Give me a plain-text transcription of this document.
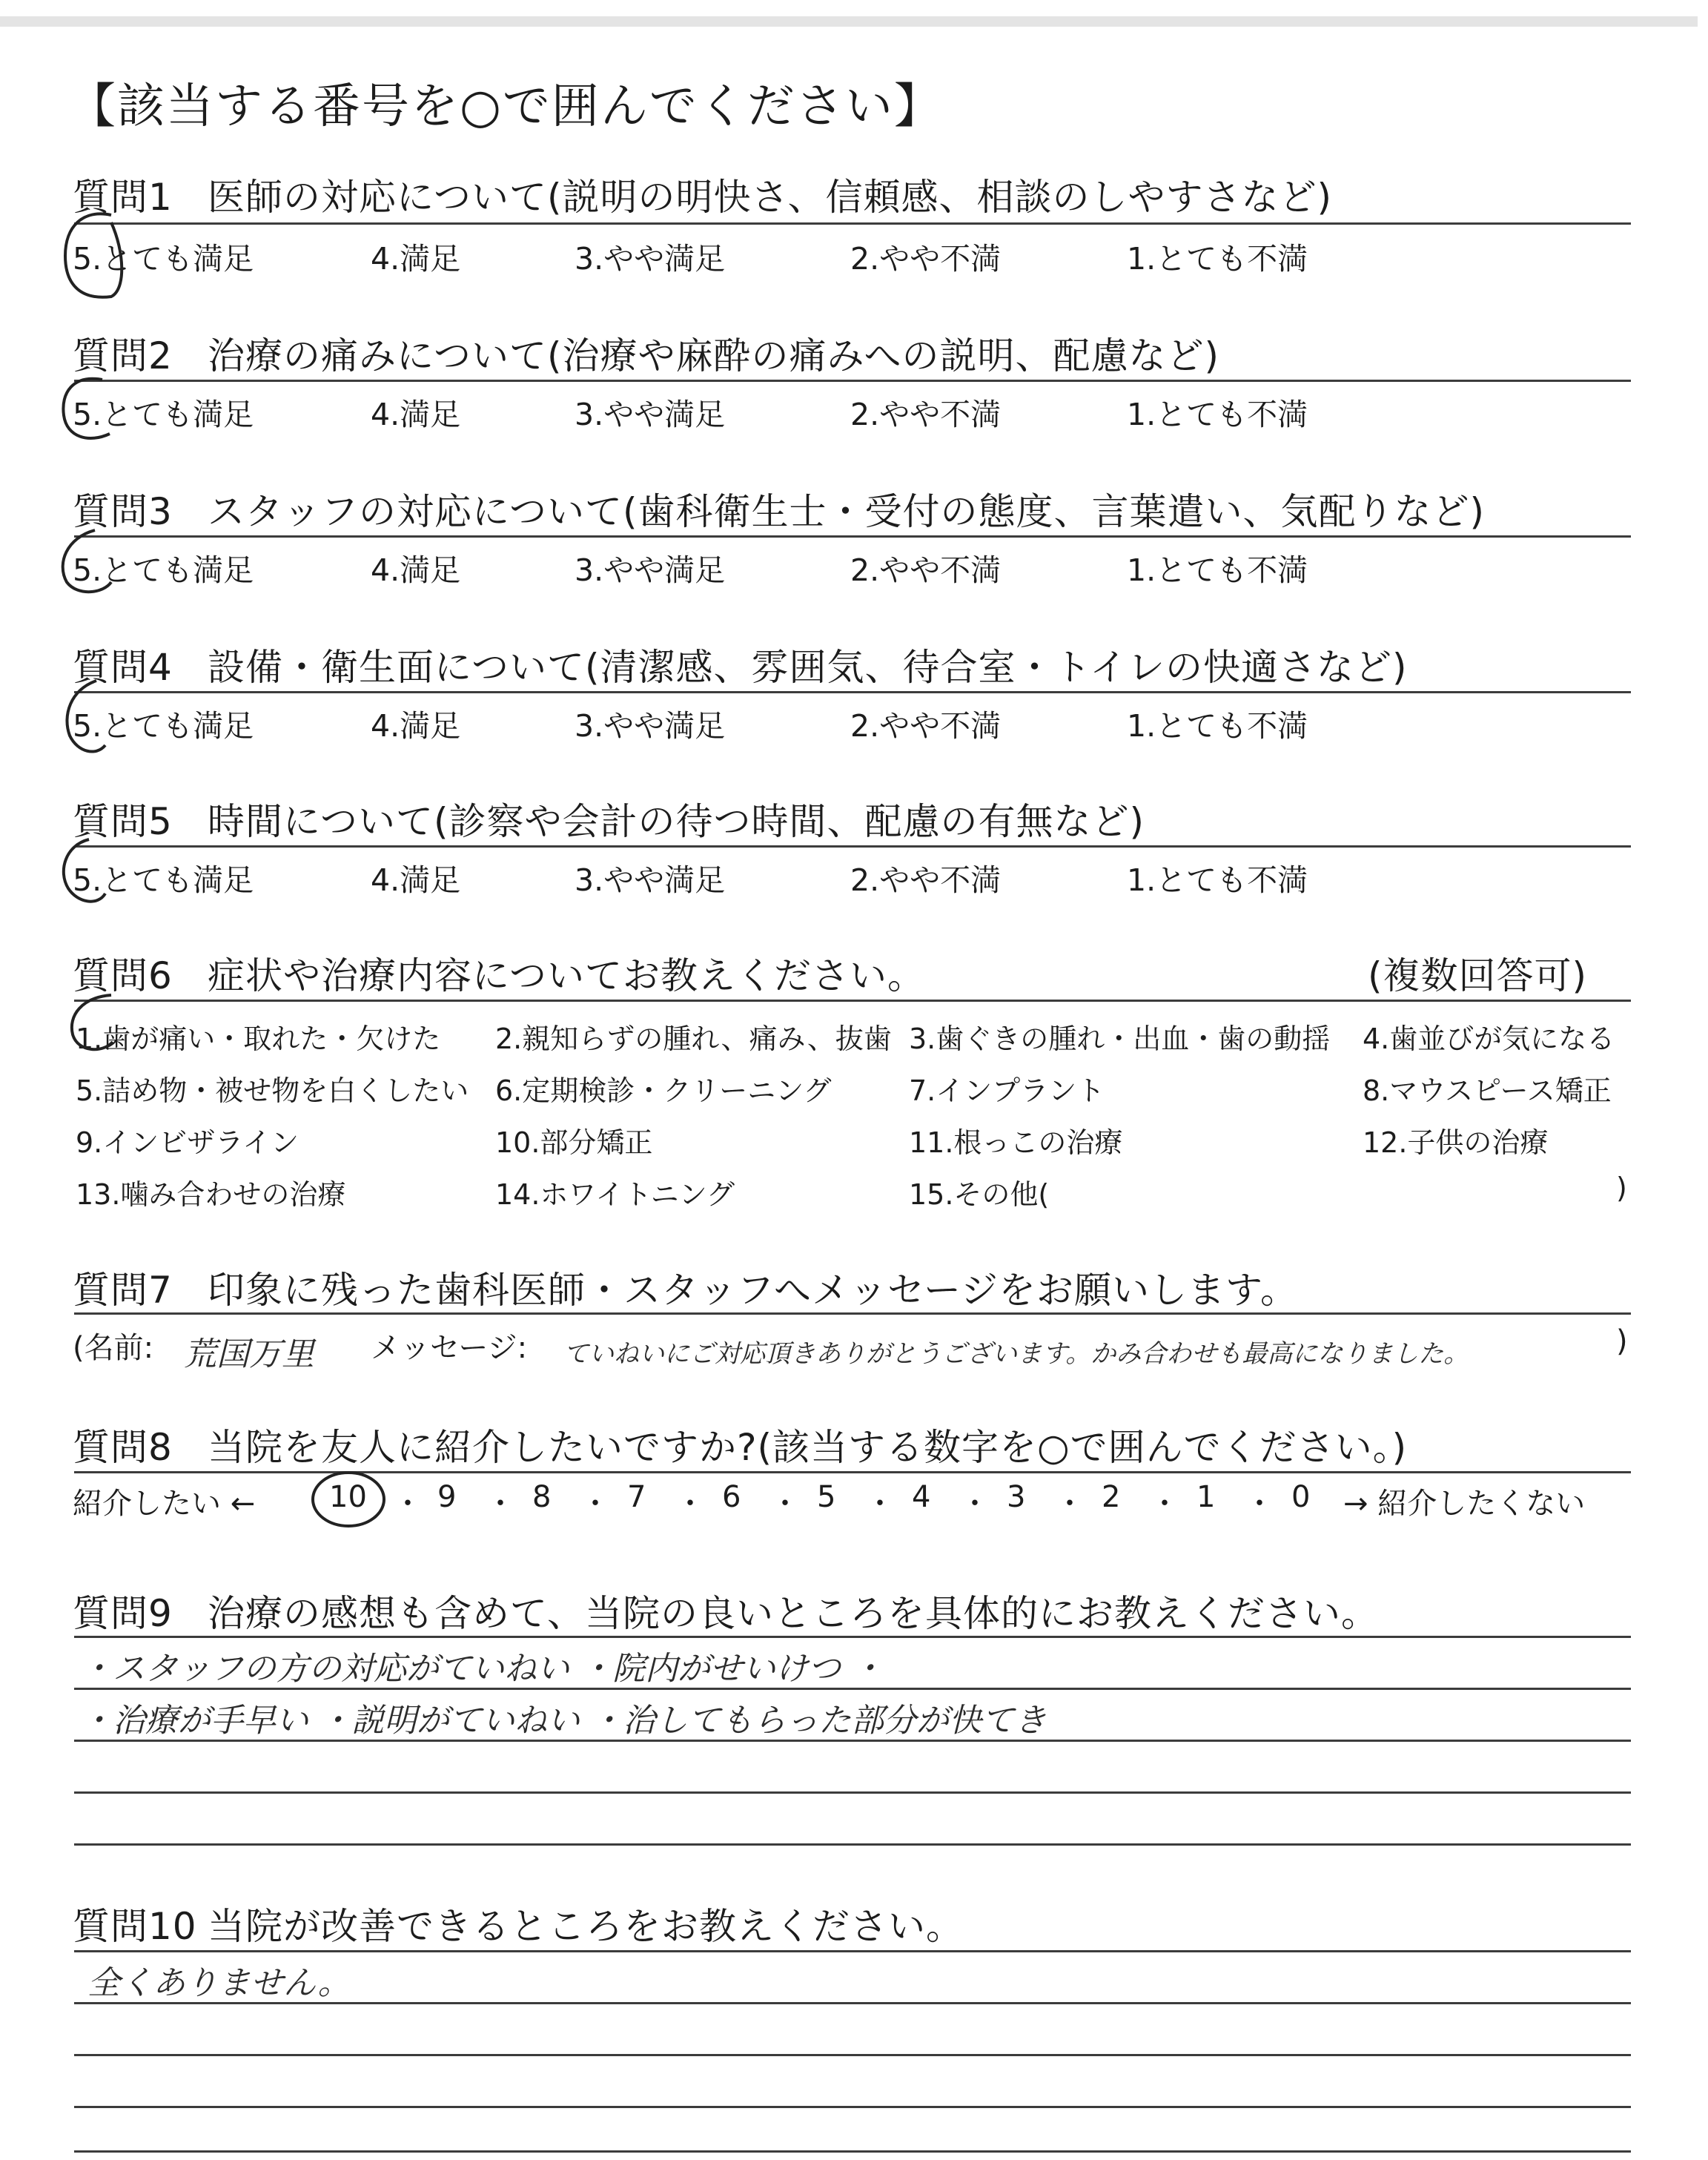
【該当する番号を○で囲んでください】
質問1 医師の対応について(説明の明快さ、信頼感、相談のしやすさなど)
5.とても満足	4.満足	3.やや満足	2.やや不満	1.とても不満
質問2 治療の痛みについて(治療や麻酔の痛みへの説明、配慮など)
5.とても満足	4.満足	3.やや満足	2.やや不満	1.とても不満
質問3 スタッフの対応について(歯科衛生士・受付の態度、言葉遣い、気配りなど)
5.とても満足	4.満足	3.やや満足	2.やや不満	1.とても不満
質問4 設備・衛生面について(清潔感、雰囲気、待合室・トイレの快適さなど)
5.とても満足	4.満足	3.やや満足	2.やや不満	1.とても不満
質問5 時間について(診察や会計の待つ時間、配慮の有無など)
5.とても満足	4.満足	3.やや満足	2.やや不満	1.とても不満
質問6 症状や治療内容についてお教えください。	(複数回答可)
1.歯が痛い・取れた・欠けた 2.親知らずの腫れ、痛み、抜歯 3.歯ぐきの腫れ・出血・歯の動揺 4.歯並びが気になる
5.詰め物・被せ物を白くしたい 6.定期検診・クリーニング	7.インプラント	8.マウスピース矯正
9.インビザライン	10.部分矯正	11.根っこの治療	12.子供の治療
13.噛み合わせの治療	14.ホワイトニング	15.その他(	)
質問7 印象に残った歯科医師・スタッフへメッセージをお願いします。
(名前: 荒国万里 メッセージ: ていねいにご対応頂きありがとうございます。かみ合わせも最高になりました。	)
質問8 当院を友人に紹介したいですか?(該当する数字を○で囲んでください。)
紹介したい ← 10 ・ 9 ・ 8 ・ 7 ・ 6 ・ 5 ・ 4 ・ 3 ・ 2 ・ 1 ・ 0 → 紹介したくない
質問9 治療の感想も含めて、当院の良いところを具体的にお教えください。
・スタッフの方の対応がていねい ・院内がせいけつ ・
・治療が手早い ・説明がていねい ・治してもらった部分が快てき
質問10 当院が改善できるところをお教えください。
全くありません。
